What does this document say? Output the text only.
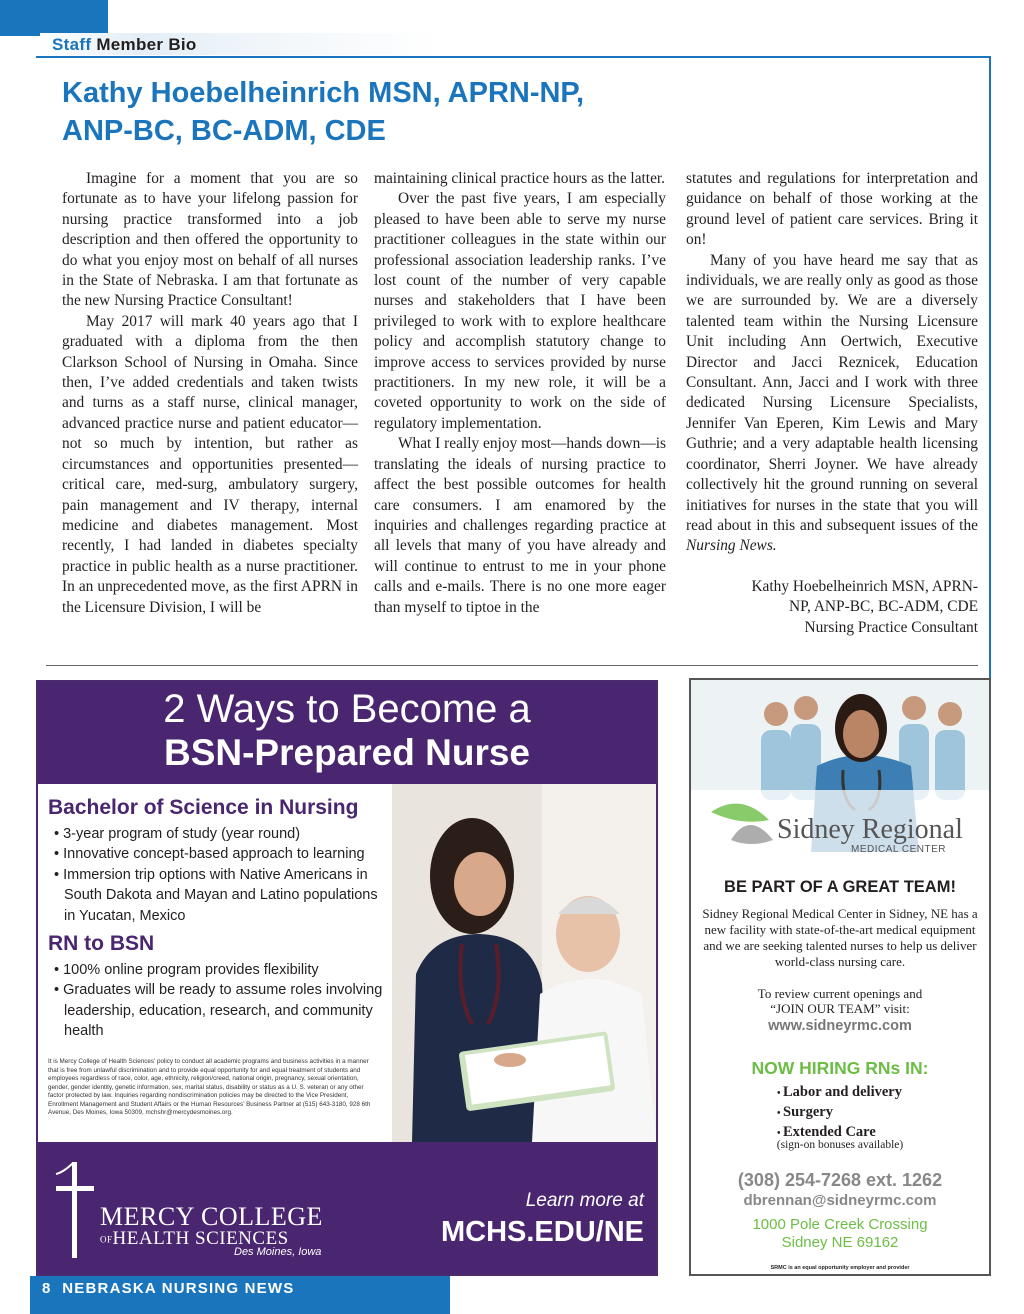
Staff Member Bio
Kathy Hoebelheinrich MSN, APRN-NP,
ANP-BC, BC-ADM, CDE

Imagine for a moment that you are so fortunate as to have your lifelong passion for nursing practice transformed into a job description and then offered the opportunity to do what you enjoy most on behalf of all nurses in the State of Nebraska. I am that fortunate as the new Nursing Practice Consultant!

May 2017 will mark 40 years ago that I graduated with a diploma from the then Clarkson School of Nursing in Omaha. Since then, I’ve added credentials and taken twists and turns as a staff nurse, clinical manager, advanced practice nurse and patient educator—not so much by intention, but rather as circumstances and opportunities presented—critical care, med-surg, ambulatory surgery, pain management and IV therapy, internal medicine and diabetes management. Most recently, I had landed in diabetes specialty practice in public health as a nurse practitioner. In an unprecedented move, as the first APRN in the Licensure Division, I will be

maintaining clinical practice hours as the latter.

Over the past five years, I am especially pleased to have been able to serve my nurse practitioner colleagues in the state within our professional association leadership ranks. I’ve lost count of the number of very capable nurses and stakeholders that I have been privileged to work with to explore healthcare policy and accomplish statutory change to improve access to services provided by nurse practitioners. In my new role, it will be a coveted opportunity to work on the side of regulatory implementation.

What I really enjoy most—hands down—is translating the ideals of nursing practice to affect the best possible outcomes for health care consumers. I am enamored by the inquiries and challenges regarding practice at all levels that many of you have already and will continue to entrust to me in your phone calls and e-mails. There is no one more eager than myself to tiptoe in the

statutes and regulations for interpretation and guidance on behalf of those working at the ground level of patient care services. Bring it on!

Many of you have heard me say that as individuals, we are really only as good as those we are surrounded by. We are a diversely talented team within the Nursing Licensure Unit including Ann Oertwich, Executive Director and Jacci Reznicek, Education Consultant. Ann, Jacci and I work with three dedicated Nursing Licensure Specialists, Jennifer Van Eperen, Kim Lewis and Mary Guthrie; and a very adaptable health licensing coordinator, Sherri Joyner. We have already collectively hit the ground running on several initiatives for nurses in the state that you will read about in this and subsequent issues of the Nursing News.

Kathy Hoebelheinrich MSN, APRN-
NP, ANP-BC, BC-ADM, CDE
Nursing Practice Consultant

2 Ways to Become a
BSN-Prepared Nurse
Bachelor of Science in Nursing
• 3-year program of study (year round)
• Innovative concept-based approach to learning
• Immersion trip options with Native Americans in South Dakota and Mayan and Latino populations in Yucatan, Mexico
RN to BSN
• 100% online program provides flexibility
• Graduates will be ready to assume roles involving leadership, education, research, and community health
It is Mercy College of Health Sciences’ policy to conduct all academic programs and business activities in a manner that is free from unlawful discrimination and to provide equal opportunity for and equal treatment of students and employees regardless of race, color, age, ethnicity, religion/creed, national origin, pregnancy, sexual orientation, gender, gender identity, genetic information, sex, marital status, disability or status as a U. S. veteran or any other factor protected by law. Inquiries regarding nondiscrimination policies may be directed to the Vice President, Enrollment Management and Student Affairs or the Human Resources’ Business Partner at (515) 643-3180, 928 6th Avenue, Des Moines, Iowa 50309, mchshr@mercydesmoines.org.
MERCY COLLEGE
OFHEALTH SCIENCES
Des Moines, Iowa
Learn more at
MCHS.EDU/NE
Sidney Regional
MEDICAL CENTER
BE PART OF A GREAT TEAM!
Sidney Regional Medical Center in Sidney, NE has a new facility with state-of-the-art medical equipment and we are seeking talented nurses to help us deliver world-class nursing care.
To review current openings and
“JOIN OUR TEAM” visit:
www.sidneyrmc.com
NOW HIRING RNs IN:
• Labor and delivery
• Surgery
• Extended Care
(sign-on bonuses available)
(308) 254-7268 ext. 1262
dbrennan@sidneyrmc.com
1000 Pole Creek Crossing
Sidney NE 69162
SRMC is an equal opportunity employer and provider
8  NEBRASKA NURSING NEWS
